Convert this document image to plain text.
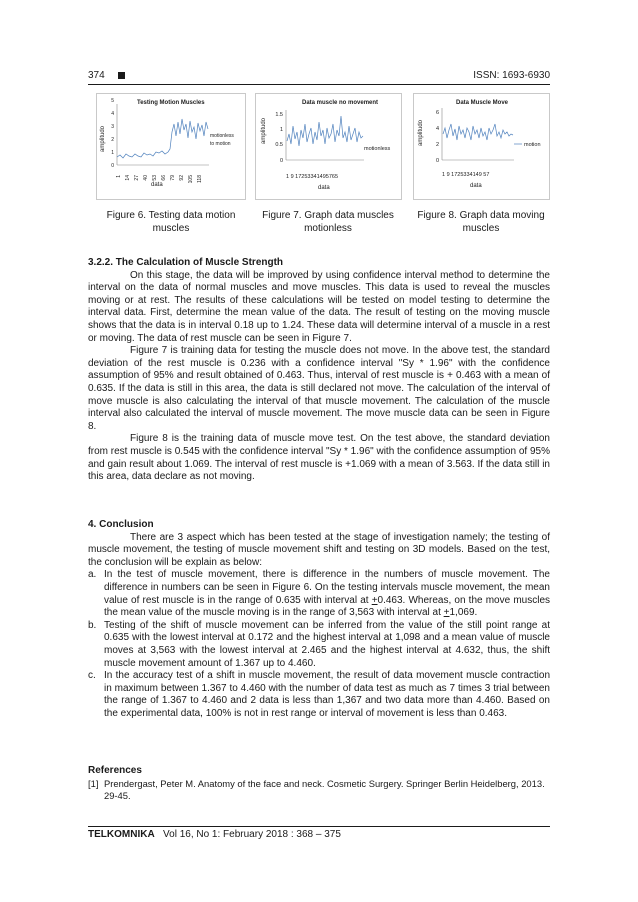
374	ISSN: 1693-6930
Testing Motion Muscles
amplitudo
0
1
2
3
4
5
motionless
to motion
1 14 27 40 53 66 79 92 105 118
data
Figure 6. Testing data motion muscles
Data muscle no movement
amplitudo
0
0.5
1
1.5
motionless
1 9 17253341495765
data
Figure 7. Graph data muscles motionless
Data Muscle Move
amplitudo
0
2
4
6
motion
1 9 1725334149 57
data
Figure 8. Graph data moving muscles

3.2.2. The Calculation of Muscle Strength

On this stage, the data will be improved by using confidence interval method to determine the interval on the data of normal muscles and move muscles. This data is used to reveal the muscles moving or at rest. The results of these calculations will be tested on model testing to determine the interval data. First, determine the mean value of the data. The result of testing on the moving muscle shows that the data is in interval 0.18 up to 1.24. These data will determine interval of a muscle in a rest or moving. The data of rest muscle can be seen in Figure 7.

Figure 7 is training data for testing the muscle does not move. In the above test, the standard deviation of the rest muscle is 0.236 with a confidence interval "Sy * 1.96" with the confidence assumption of 95% and result obtained of 0.463. Thus, interval of rest muscle is + 0.463 with a mean of 0.635. If the data is still in this area, the data is still declared not move. The calculation of the interval of move muscle is also calculating the interval of that muscle movement. The calculation of the muscle interval also calculated the interval of muscle movement. The move muscle data can be seen in Figure 8.

Figure 8 is the training data of muscle move test. On the test above, the standard deviation from rest muscle is 0.545 with the confidence interval "Sy * 1.96" with the confidence assumption of 95% and gain result about 1.069. The interval of rest muscle is +1.069 with a mean of 3.563. If the data still in this area, data declare as not moving.

4. Conclusion

There are 3 aspect which has been tested at the stage of investigation namely; the testing of muscle movement, the testing of muscle movement shift and testing on 3D models. Based on the test, the conclusion will be explain as below:

a. In the test of muscle movement, there is difference in the numbers of muscle movement. The difference in numbers can be seen in Figure 6. On the testing intervals muscle movement, the mean value of rest muscle is in the range of 0.635 with interval at +0.463. Whereas, on the move muscles the mean value of the muscle moving is in the range of 3,563 with interval at +1,069.
b. Testing of the shift of muscle movement can be inferred from the value of the still point range at 0.635 with the lowest interval at 0.172 and the highest interval at 1,098 and a mean value of muscle moves at 3,563 with the lowest interval at 2.465 and the highest interval at 4.632, thus, the shift muscle movement amount of 1.367 up to 4.460.
c. In the accuracy test of a shift in muscle movement, the result of data movement muscle contraction in maximum between 1.367 to 4.460 with the number of data test as much as 7 times 3 trial between the range of 1.367 to 4.460 and 2 data is less than 1,367 and two data more than 4.460. Based on the experimental data, 100% is not in rest range or interval of movement is less than 0.463.

References

[1] Prendergast, Peter M. Anatomy of the face and neck. Cosmetic Surgery. Springer Berlin Heidelberg, 2013. 29-45.
TELKOMNIKA Vol 16, No 1: February 2018 : 368 – 375
